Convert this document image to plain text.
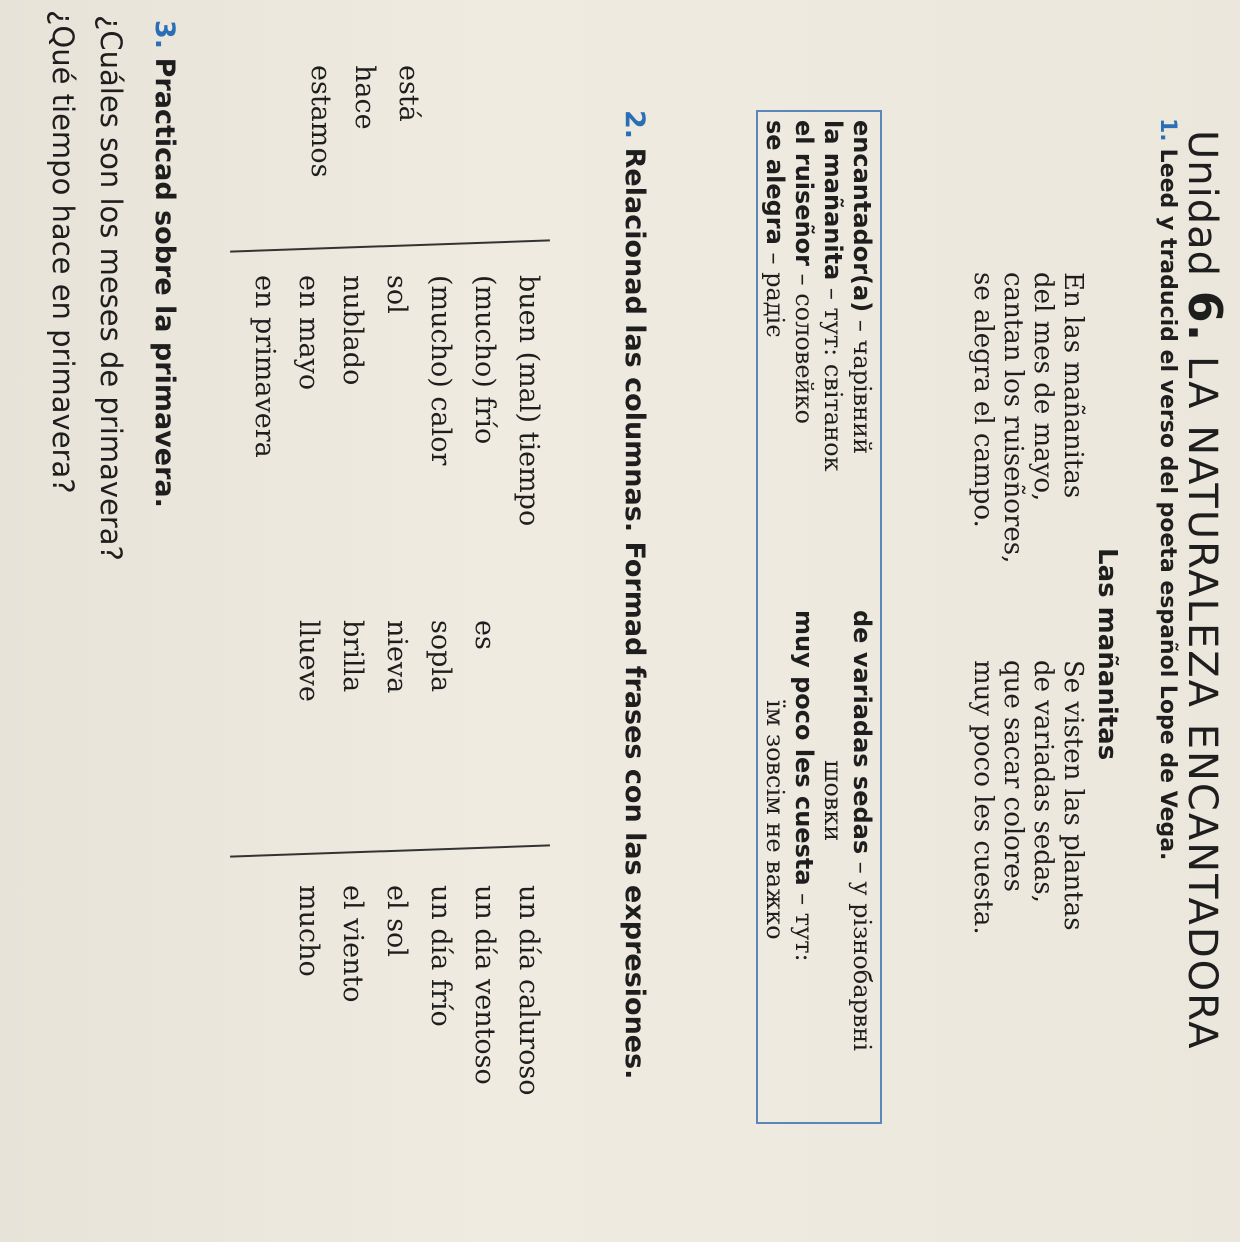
Unidad 6. LA NATURALEZA ENCANTADORA
1. Leed y traducid el verso del poeta español Lope de Vega.
Las mañanitas
En las mañanitas
del mes de mayo,
cantan los ruiseñores,
se alegra el campo.
Se visten las plantas
de variadas sedas,
que sacar colores
muy poco les cuesta.
encantador(a) – чарівний
la mañanita – тут: світанок
el ruiseñor – соловейко
se alegra – радіє
de variadas sedas – у різнобарвні
шовки
muy poco les cuesta – тут:
їм зовсім не важко
2. Relacionad las columnas. Formad frases con las expresiones.
está
hace
estamos
buen (mal) tiempo
(mucho) frío
(mucho) calor
sol
nublado
en mayo
en primavera
es
sopla
nieva
brilla
llueve
un día caluroso
un día ventoso
un día frío
el sol
el viento
mucho
3. Practicad sobre la primavera.
¿Cuáles son los meses de primavera?
¿Qué tiempo hace en primavera?
